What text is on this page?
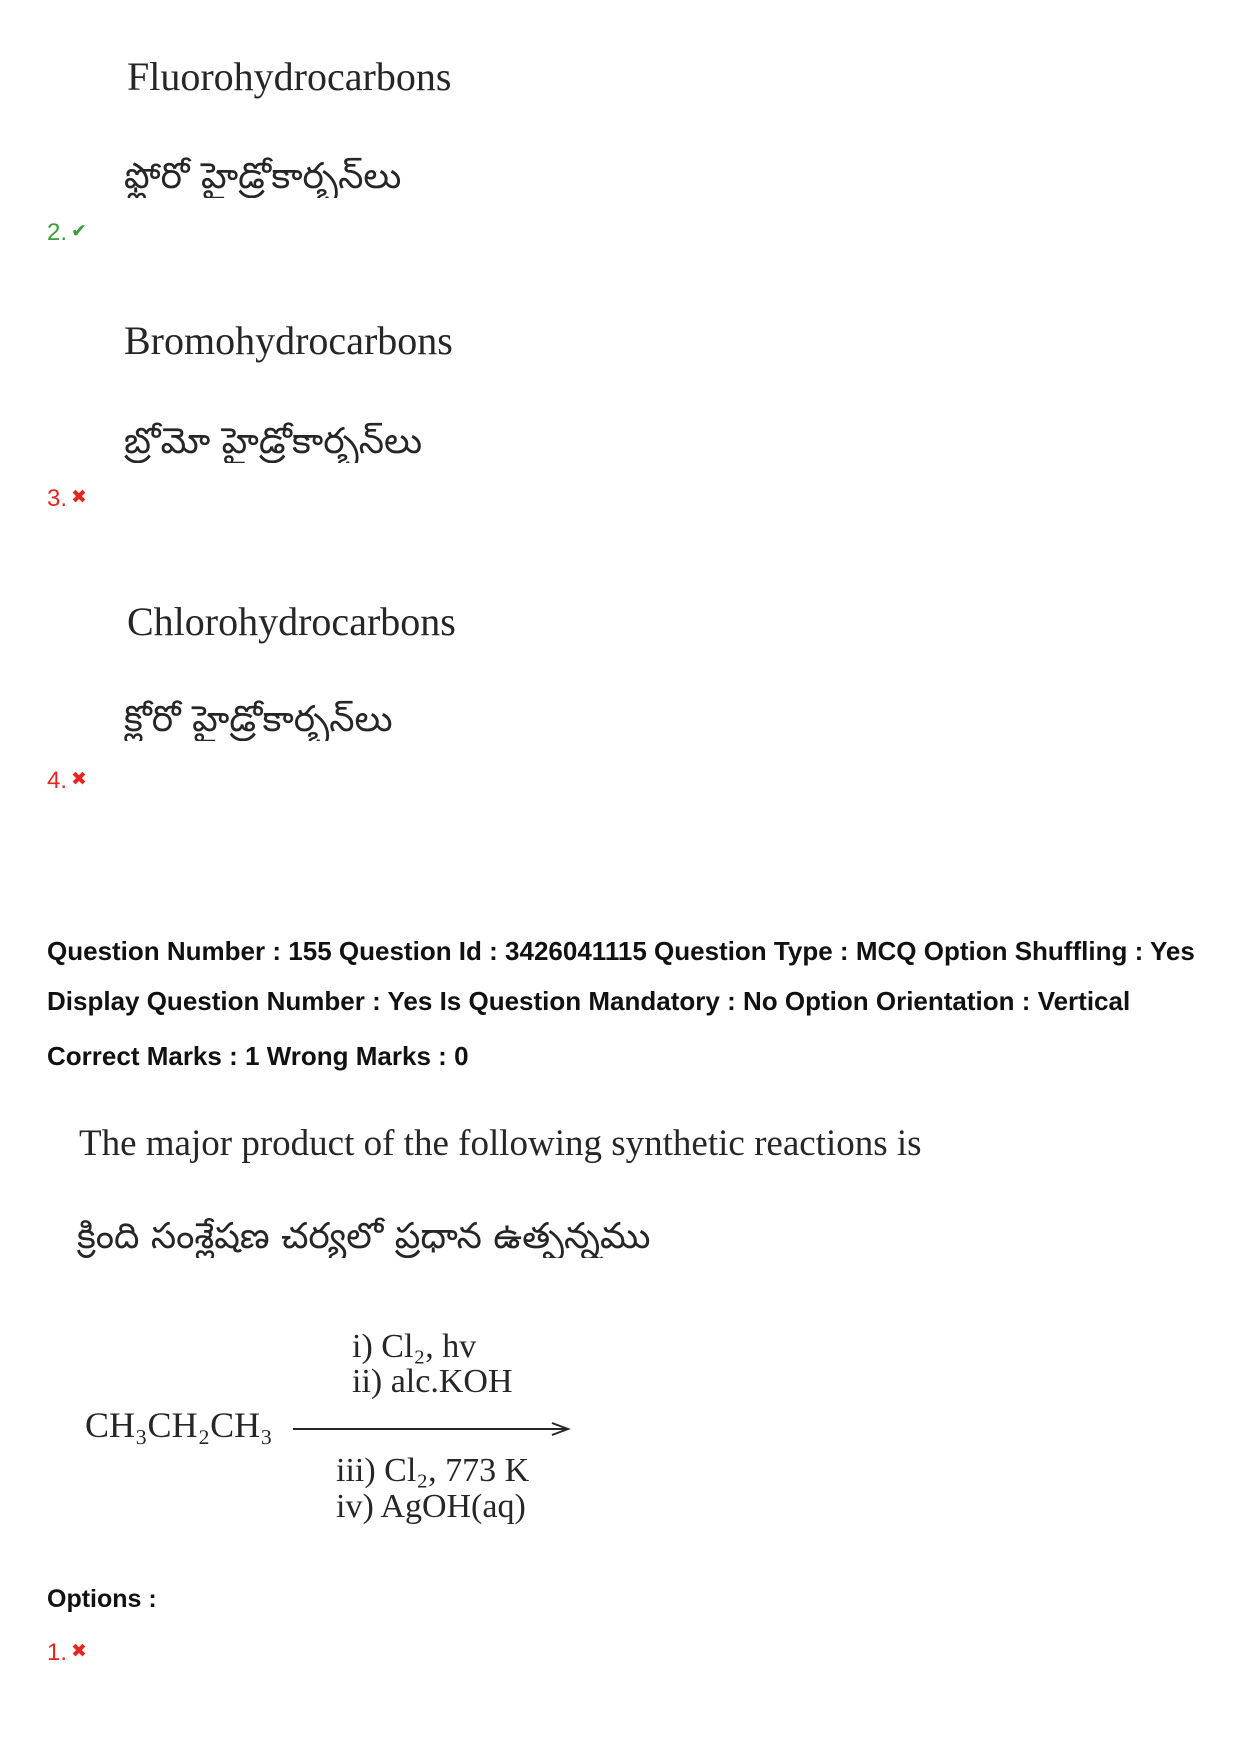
Fluorohydrocarbons
ఫ్లోరో హైడ్రోకార్బన్‌లు
2. ✔
Bromohydrocarbons
బ్రోమో హైడ్రోకార్బన్‌లు
3. ✖
Chlorohydrocarbons
క్లోరో హైడ్రోకార్బన్‌లు
4. ✖
Question Number : 155 Question Id : 3426041115 Question Type : MCQ Option Shuffling : Yes
Display Question Number : Yes Is Question Mandatory : No Option Orientation : Vertical
Correct Marks : 1 Wrong Marks : 0
The major product of the following synthetic reactions is
క్రింది సంశ్లేషణ చర్యలో ప్రధాన ఉత్పన్నము
i) Cl₂, hv
ii) alc.KOH
CH₃CH₂CH₃
iii) Cl₂, 773 K
iv) AgOH(aq)
Options :
1. ✖
